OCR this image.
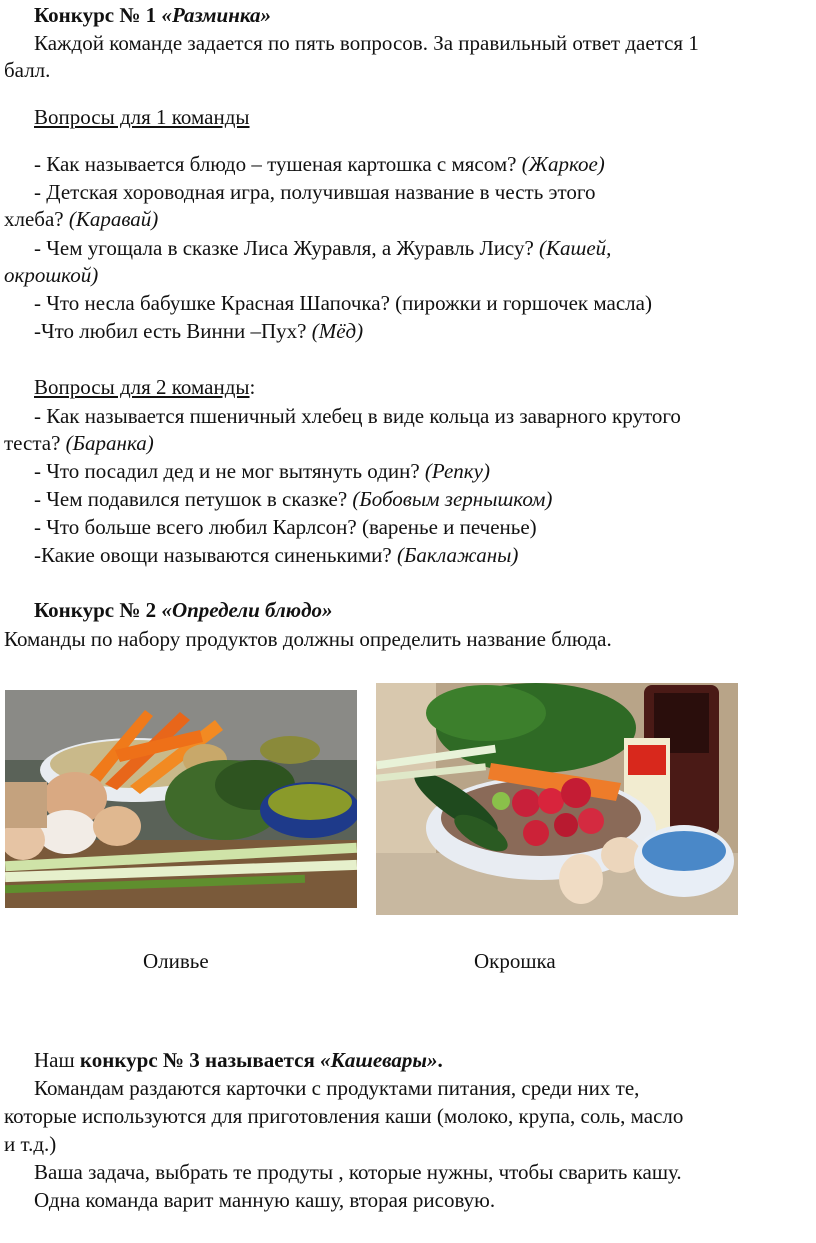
Конкурс № 1 «Разминка»
Каждой команде задается по пять вопросов. За правильный ответ дается 1
балл.
Вопросы для 1 команды
- Как называется блюдо – тушеная картошка с мясом? (Жаркое)
- Детская хороводная игра, получившая название в честь этого
хлеба? (Каравай)
- Чем угощала в сказке Лиса Журавля, а Журавль Лису? (Кашей,
окрошкой)
- Что несла бабушке Красная Шапочка? (пирожки и горшочек масла)
-Что любил есть Винни –Пух? (Мёд)
Вопросы для 2 команды:
- Как называется пшеничный хлебец в виде кольца из заварного крутого
теста? (Баранка)
- Что посадил дед и не мог вытянуть один? (Репку)
- Чем подавился петушок в сказке? (Бобовым зернышком)
- Что больше всего любил Карлсон? (варенье и печенье)
-Какие овощи называются синенькими? (Баклажаны)
Конкурс № 2 «Определи блюдо»
Команды по набору продуктов должны определить название блюда.
Оливье	Окрошка
Наш конкурс № 3 называется «Кашевары».
Командам раздаются карточки с продуктами питания, среди них те,
которые используются для приготовления каши (молоко, крупа, соль, масло
и т.д.)
Ваша задача, выбрать те продуты , которые нужны, чтобы сварить кашу.
Одна команда варит манную кашу, вторая рисовую.
